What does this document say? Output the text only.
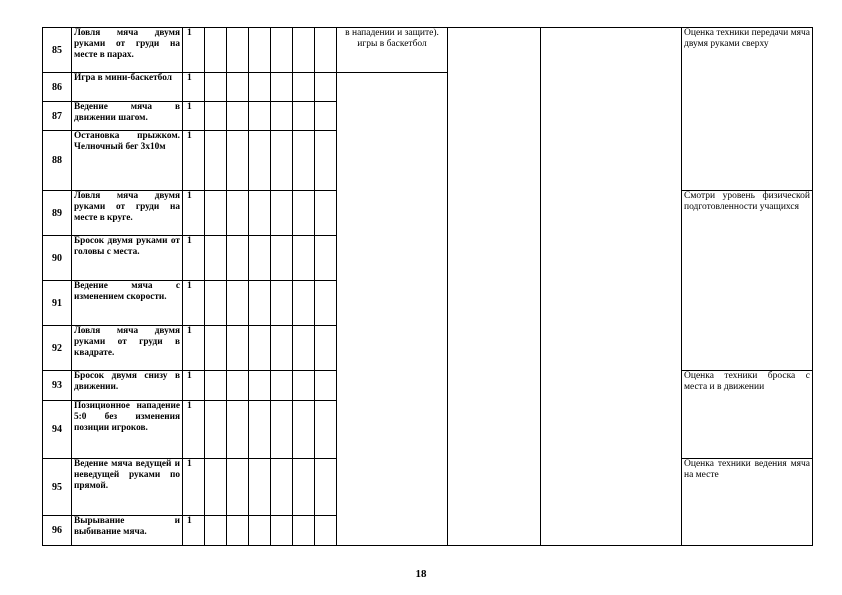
85	Ловля мяча двумя руками от груди на месте в парах.	1							в нападении и защите). игры в баскетбол			Оценка техники передачи мяча двумя руками сверху
86	Игра в мини-баскетбол	1										
87	Ведение мяча в движении шагом.	1										
88	Остановка прыжком. Челночный бег 3х10м	1										
89	Ловля мяча двумя руками от груди на месте в круге.	1										Смотри уровень физической подготовленности учащихся
90	Бросок двумя руками от головы с места.	1										
91	Ведение мяча с изменением скорости.	1										
92	Ловля мяча двумя руками от груди в квадрате.	1										
93	Бросок двумя снизу в движении.	1										Оценка техники броска с места и в движении
94	Позиционное нападение 5:0 без изменения позиции игроков.	1										
95	Ведение мяча ведущей и неведущей руками по прямой.	1										Оценка техники ведения мяча на месте
96	Вырывание и выбивание мяча.	1										
18
